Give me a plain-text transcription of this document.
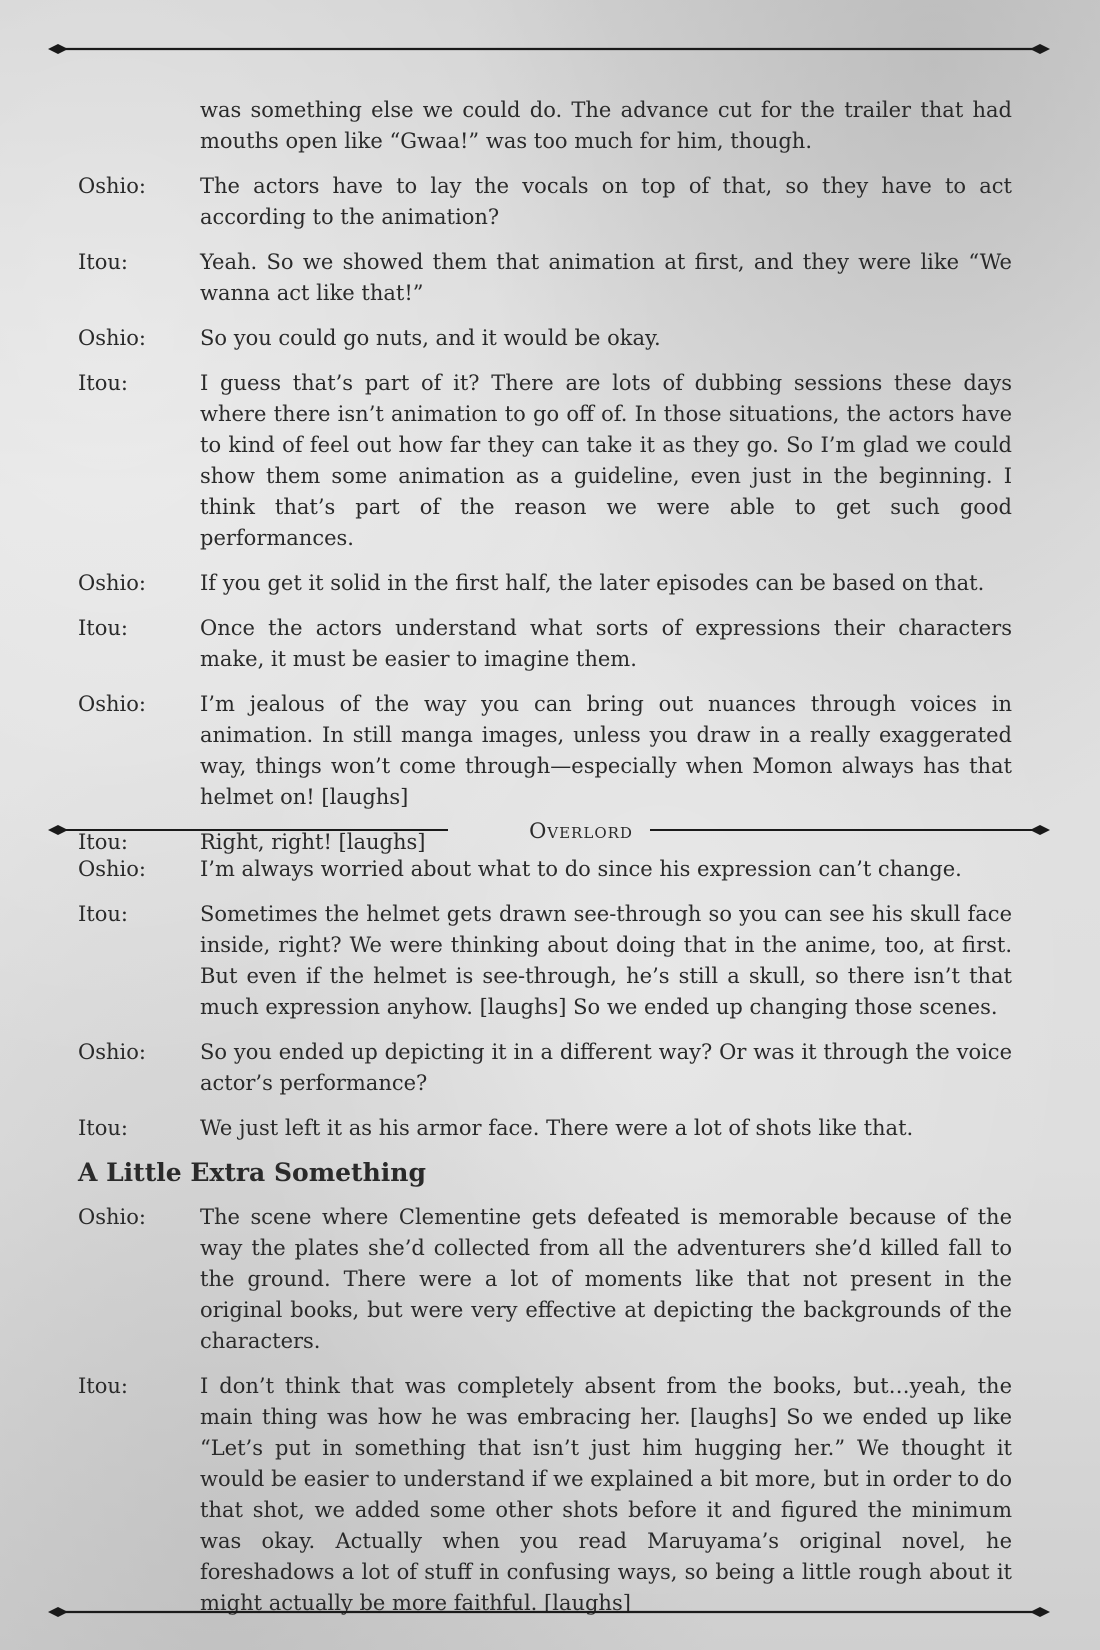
was something else we could do. The advance cut for the trailer that had mouths open like “Gwaa!” was too much for him, though.
Oshio:	The actors have to lay the vocals on top of that, so they have to act according to the animation?
Itou:	Yeah. So we showed them that animation at first, and they were like “We wanna act like that!”
Oshio:	So you could go nuts, and it would be okay.
Itou:	I guess that’s part of it? There are lots of dubbing sessions these days where there isn’t animation to go off of. In those situations, the actors have to kind of feel out how far they can take it as they go. So I’m glad we could show them some animation as a guideline, even just in the beginning. I think that’s part of the reason we were able to get such good performances.
Oshio:	If you get it solid in the first half, the later episodes can be based on that.
Itou:	Once the actors understand what sorts of expressions their characters make, it must be easier to imagine them.
Oshio:	I’m jealous of the way you can bring out nuances through voices in animation. In still manga images, unless you draw in a really exaggerated way, things won’t come through—especially when Momon always has that helmet on! [laughs]
Itou:	Right, right! [laughs]	Overlord
Oshio:	I’m always worried about what to do since his expression can’t change.
Itou:	Sometimes the helmet gets drawn see-through so you can see his skull face inside, right? We were thinking about doing that in the anime, too, at first. But even if the helmet is see-through, he’s still a skull, so there isn’t that much expression anyhow. [laughs] So we ended up changing those scenes.
Oshio:	So you ended up depicting it in a different way? Or was it through the voice actor’s performance?
Itou:	We just left it as his armor face. There were a lot of shots like that.
A Little Extra Something
Oshio:	The scene where Clementine gets defeated is memorable because of the way the plates she’d collected from all the adventurers she’d killed fall to the ground. There were a lot of moments like that not present in the original books, but were very effective at depicting the backgrounds of the characters.
Itou:	I don’t think that was completely absent from the books, but…yeah, the main thing was how he was embracing her. [laughs] So we ended up like “Let’s put in something that isn’t just him hugging her.” We thought it would be easier to understand if we explained a bit more, but in order to do that shot, we added some other shots before it and figured the minimum was okay. Actually when you read Maruyama’s original novel, he foreshadows a lot of stuff in confusing ways, so being a little rough about it might actually be more faithful. [laughs]
